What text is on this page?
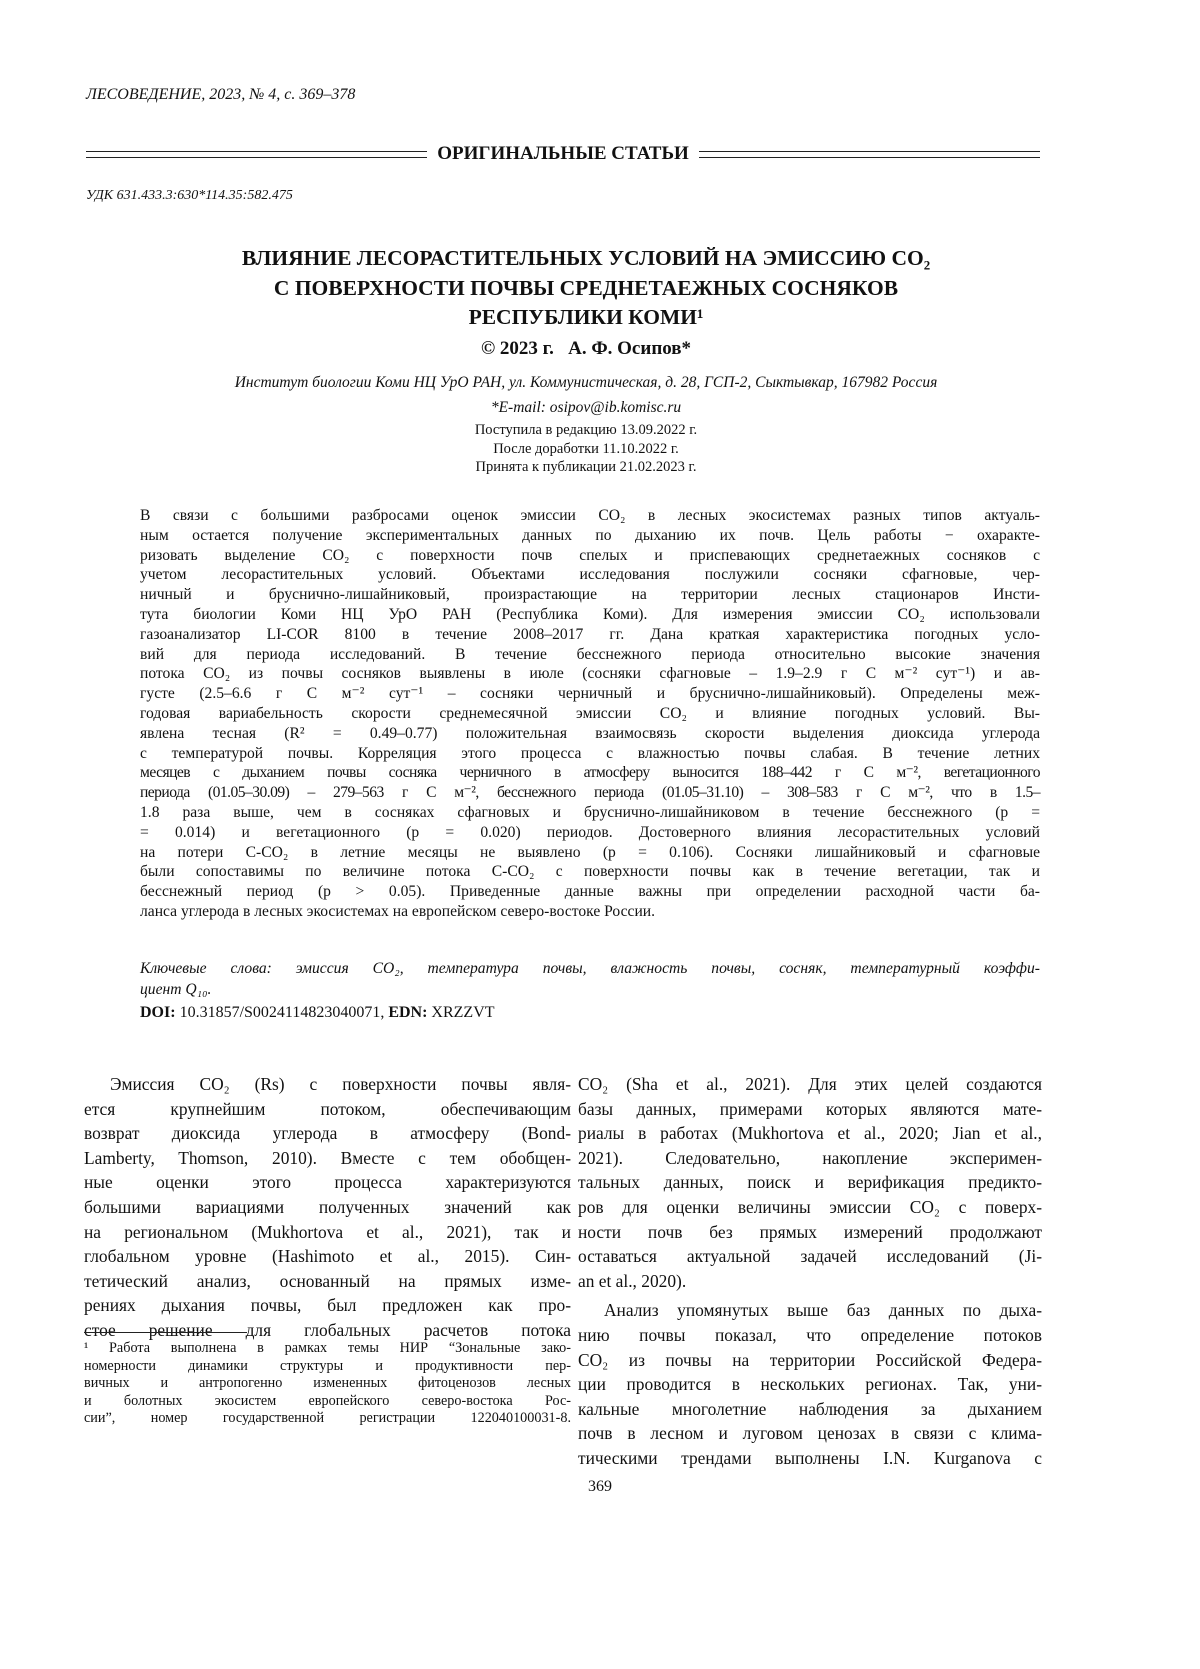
ЛЕСОВЕДЕНИЕ, 2023, № 4, с. 369–378
ОРИГИНАЛЬНЫЕ СТАТЬИ
УДК 631.433.3:630*114.35:582.475
ВЛИЯНИЕ ЛЕСОРАСТИТЕЛЬНЫХ УСЛОВИЙ НА ЭМИССИЮ CO₂
С ПОВЕРХНОСТИ ПОЧВЫ СРЕДНЕТАЕЖНЫХ СОСНЯКОВ
РЕСПУБЛИКИ КОМИ¹
© 2023 г.   А. Ф. Осипов*
Институт биологии Коми НЦ УрО РАН, ул. Коммунистическая, д. 28, ГСП-2, Сыктывкар, 167982 Россия
*E-mail: osipov@ib.komisc.ru
Поступила в редакцию 13.09.2022 г.
После доработки 11.10.2022 г.
Принята к публикации 21.02.2023 г.
В связи с большими разбросами оценок эмиссии CO₂ в лесных экосистемах разных типов актуаль-
ным остается получение экспериментальных данных по дыханию их почв. Цель работы − охаракте-
ризовать выделение CO₂ с поверхности почв спелых и приспевающих среднетаежных сосняков с
учетом лесорастительных условий. Объектами исследования послужили сосняки сфагновые, чер-
ничный и бруснично-лишайниковый, произрастающие на территории лесных стационаров Инсти-
тута биологии Коми НЦ УрО РАН (Республика Коми). Для измерения эмиссии CO₂ использовали
газоанализатор LI-COR 8100 в течение 2008–2017 гг. Дана краткая характеристика погодных усло-
вий для периода исследований. В течение бесснежного периода относительно высокие значения
потока CO₂ из почвы сосняков выявлены в июле (сосняки сфагновые – 1.9–2.9 г С м⁻² сут⁻¹) и ав-
густе (2.5–6.6 г С м⁻² сут⁻¹ – сосняки черничный и бруснично-лишайниковый). Определены меж-
годовая вариабельность скорости среднемесячной эмиссии CO₂ и влияние погодных условий. Вы-
явлена тесная (R² = 0.49–0.77) положительная взаимосвязь скорости выделения диоксида углерода
с температурой почвы. Корреляция этого процесса с влажностью почвы слабая. В течение летних
месяцев с дыханием почвы сосняка черничного в атмосферу выносится 188–442 г С м⁻², вегетационного
периода (01.05–30.09) – 279–563 г С м⁻², бесснежного периода (01.05–31.10) – 308–583 г С м⁻², что в 1.5–
1.8 раза выше, чем в сосняках сфагновых и бруснично-лишайниковом в течение бесснежного (p =
= 0.014) и вегетационного (p = 0.020) периодов. Достоверного влияния лесорастительных условий
на потери С-CO₂ в летние месяцы не выявлено (p = 0.106). Сосняки лишайниковый и сфагновые
были сопоставимы по величине потока С-CO₂ с поверхности почвы как в течение вегетации, так и
бесснежный период (p > 0.05). Приведенные данные важны при определении расходной части ба-
ланса углерода в лесных экосистемах на европейском северо-востоке России.
Ключевые слова: эмиссия CO₂, температура почвы, влажность почвы, сосняк, температурный коэффи-
циент Q₁₀.
DOI: 10.31857/S0024114823040071, EDN: XRZZVT
Эмиссия CO₂ (Rs) с поверхности почвы явля-
ется крупнейшим потоком, обеспечивающим
возврат диоксида углерода в атмосферу (Bond-
Lamberty, Thomson, 2010). Вместе с тем обобщен-
ные оценки этого процесса характеризуются
большими вариациями полученных значений как
на региональном (Mukhortova et al., 2021), так и
глобальном уровне (Hashimoto et al., 2015). Син-
тетический анализ, основанный на прямых изме-
рениях дыхания почвы, был предложен как про-
стое решение для глобальных расчетов потока
¹ Работа выполнена в рамках темы НИР “Зональные зако-
номерности динамики структуры и продуктивности пер-
вичных и антропогенно измененных фитоценозов лесных
и болотных экосистем европейского северо-востока Рос-
сии”, номер государственной регистрации 122040100031-8.
CO₂ (Sha et al., 2021). Для этих целей создаются
базы данных, примерами которых являются мате-
риалы в работах (Mukhortova et al., 2020; Jian et al.,
2021). Следовательно, накопление эксперимен-
тальных данных, поиск и верификация предикто-
ров для оценки величины эмиссии CO₂ с поверх-
ности почв без прямых измерений продолжают
оставаться актуальной задачей исследований (Ji-
an et al., 2020).
Анализ упомянутых выше баз данных по дыха-
нию почвы показал, что определение потоков
CO₂ из почвы на территории Российской Федера-
ции проводится в нескольких регионах. Так, уни-
кальные многолетние наблюдения за дыханием
почв в лесном и луговом ценозах в связи с клима-
тическими трендами выполнены I.N. Kurganova с
369
